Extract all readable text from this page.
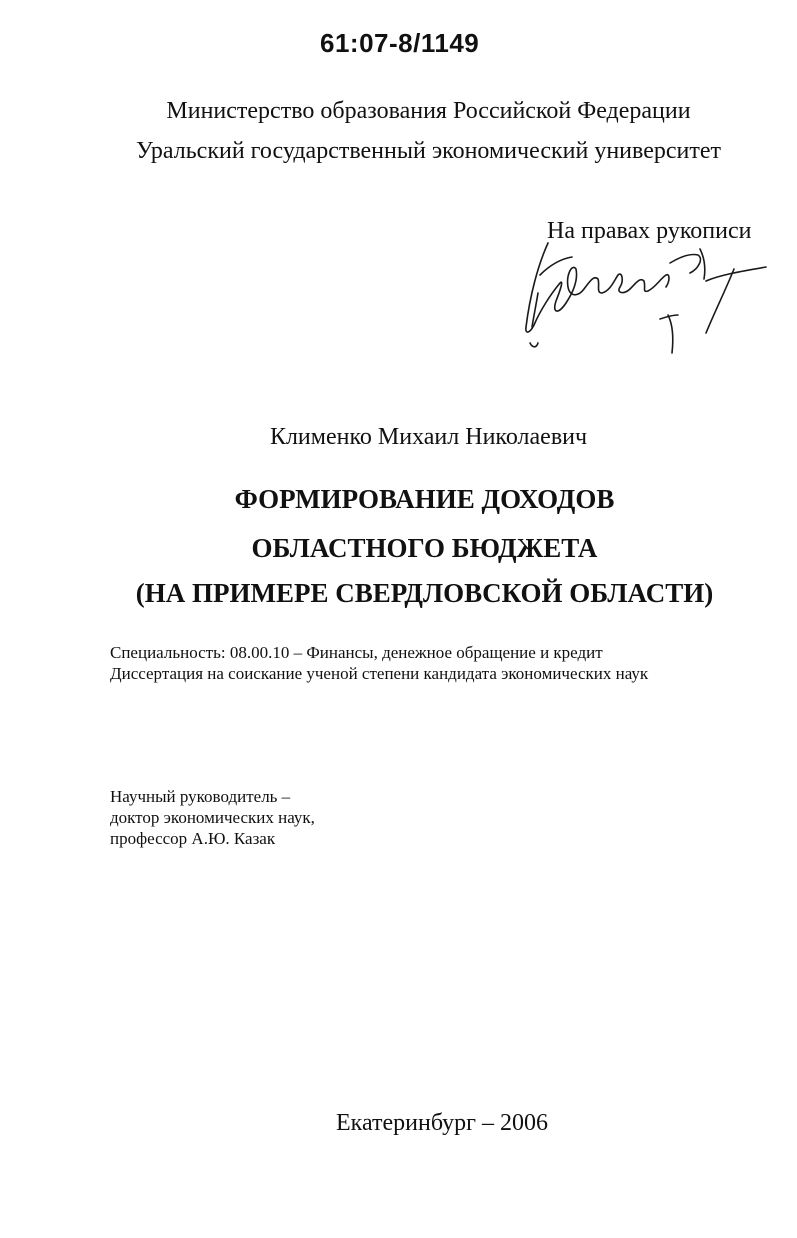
61:07-8/1149
Министерство образования Российской Федерации
Уральский государственный экономический университет
На правах рукописи
Клименко Михаил Николаевич
ФОРМИРОВАНИЕ ДОХОДОВ
ОБЛАСТНОГО БЮДЖЕТА
(НА ПРИМЕРЕ СВЕРДЛОВСКОЙ ОБЛАСТИ)
Специальность: 08.00.10 – Финансы, денежное обращение и кредит
Диссертация на соискание ученой степени кандидата экономических наук
Научный руководитель –
доктор экономических наук,
профессор А.Ю. Казак
Екатеринбург – 2006
